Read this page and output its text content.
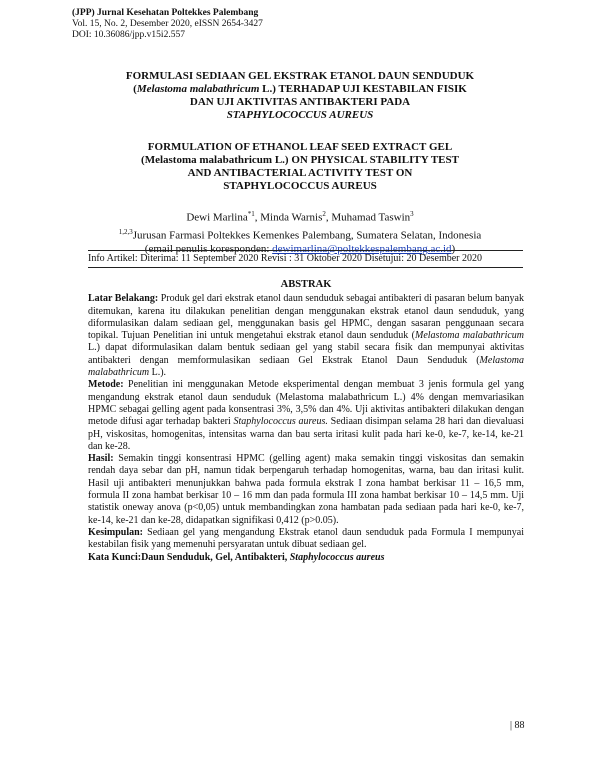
(JPP) Jurnal Kesehatan Poltekkes Palembang
Vol. 15, No. 2, Desember 2020, eISSN 2654-3427
DOI: 10.36086/jpp.v15i2.557
FORMULASI SEDIAAN GEL EKSTRAK ETANOL DAUN SENDUDUK
(Melastoma malabathricum L.) TERHADAP UJI KESTABILAN FISIK
DAN UJI AKTIVITAS ANTIBAKTERI PADA
STAPHYLOCOCCUS AUREUS
FORMULATION OF ETHANOL LEAF SEED EXTRACT GEL
(Melastoma malabathricum L.) ON PHYSICAL STABILITY TEST
AND ANTIBACTERIAL ACTIVITY TEST ON
STAPHYLOCOCCUS AUREUS
Dewi Marlina$^{*1}$, Minda Warnis$^2$, Muhamad Taswin$^3$
$^{1,2,3}$Jurusan Farmasi Poltekkes Kemenkes Palembang, Sumatera Selatan, Indonesia
(email penulis koresponden: dewimarlina@poltekkespalembang.ac.id)
Info Artikel: Diterima: 11 September 2020 Revisi : 31 Oktober 2020 Disetujui: 20 Desember 2020
ABSTRAK

Latar Belakang: Produk gel dari ekstrak etanol daun senduduk sebagai antibakteri di pasaran belum banyak ditemukan, karena itu dilakukan penelitian dengan menggunakan ekstrak etanol daun senduduk, yang diformulasikan dalam sediaan gel, menggunakan basis gel HPMC, dengan sasaran penggunaan secara topikal. Tujuan Penelitian ini untuk mengetahui ekstrak etanol daun senduduk (Melastoma malabathricum L.) dapat diformulasikan dalam bentuk sediaan gel yang stabil secara fisik dan mempunyai aktivitas antibakteri dengan memformulasikan sediaan Gel Ekstrak Etanol Daun Senduduk (Melastoma malabathricum L.).

Metode: Penelitian ini menggunakan Metode eksperimental dengan membuat 3 jenis formula gel yang mengandung ekstrak etanol daun senduduk (Melastoma malabathricum L.) 4% dengan memvariasikan HPMC sebagai gelling agent pada konsentrasi 3%, 3,5% dan 4%. Uji aktivitas antibakteri dilakukan dengan metode difusi agar terhadap bakteri Staphylococcus aureus. Sediaan disimpan selama 28 hari dan dievaluasi pH, viskositas, homogenitas, intensitas warna dan bau serta iritasi kulit pada hari ke-0, ke-7, ke-14, ke-21 dan ke-28.

Hasil: Semakin tinggi konsentrasi HPMC (gelling agent) maka semakin tinggi viskositas dan semakin rendah daya sebar dan pH, namun tidak berpengaruh terhadap homogenitas, warna, bau dan iritasi kulit. Hasil uji antibakteri menunjukkan bahwa pada formula ekstrak I zona hambat berkisar 11 – 16,5 mm, formula II zona hambat berkisar 10 – 16 mm dan pada formula III zona hambat berkisar 10 – 14,5 mm. Uji statistik oneway anova (p<0,05) untuk membandingkan zona hambatan pada sediaan pada hari ke-0, ke-7, ke-14, ke-21 dan ke-28, didapatkan signifikasi 0,412 (p>0.05).

Kesimpulan: Sediaan gel yang mengandung Ekstrak etanol daun senduduk pada Formula I mempunyai kestabilan fisik yang memenuhi persyaratan untuk dibuat sediaan gel.

Kata Kunci:Daun Senduduk, Gel, Antibakteri, Staphylococcus aureus

| 88
